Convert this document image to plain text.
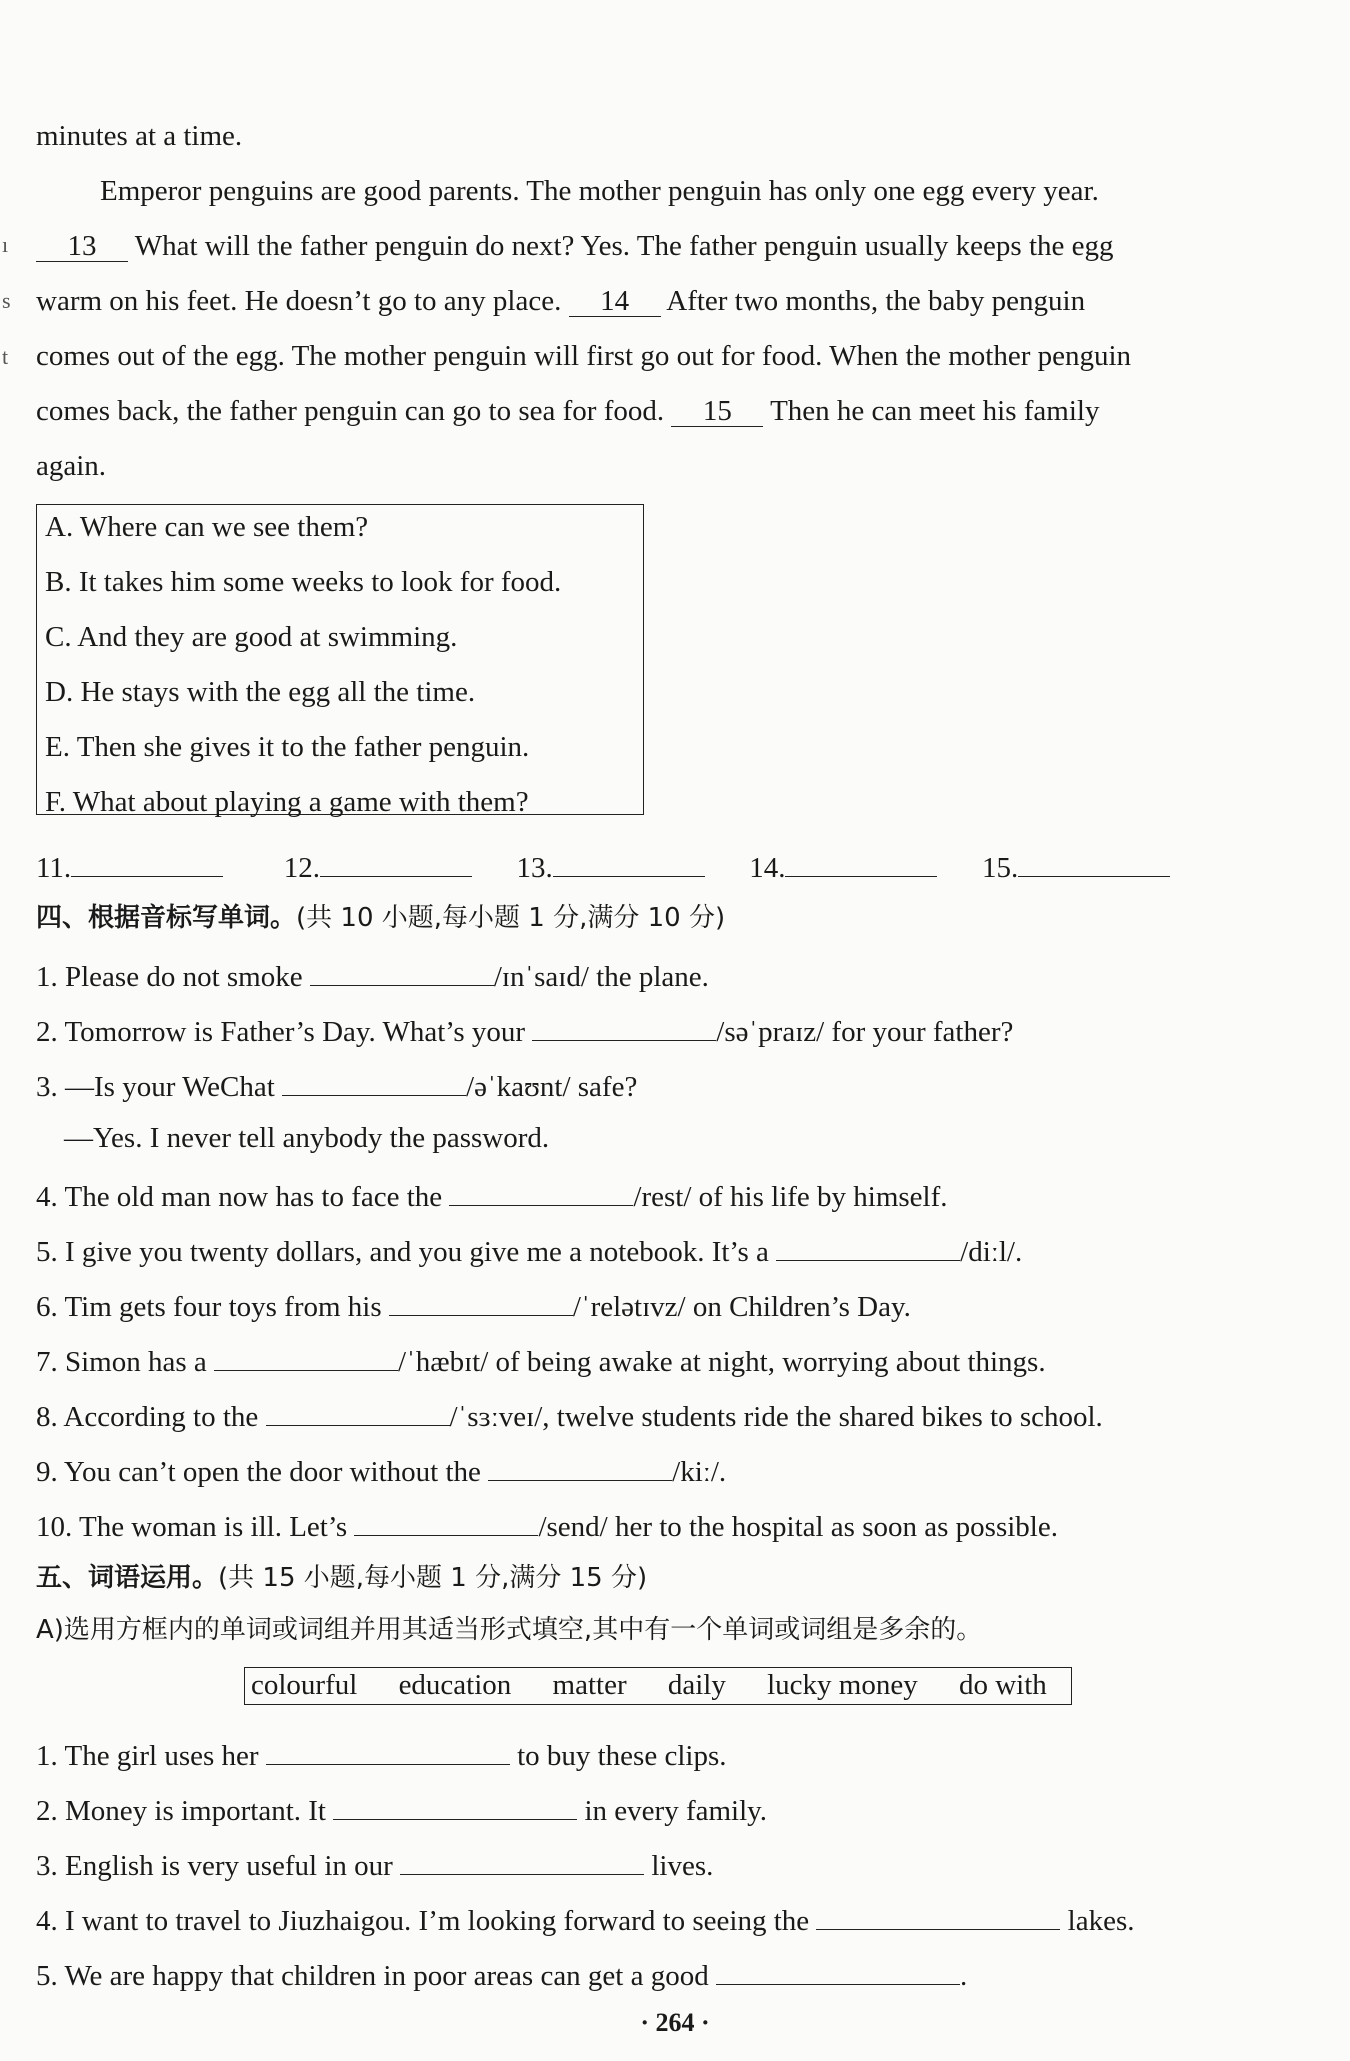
ı
s
t
minutes at a time.
Emperor penguins are good parents. The mother penguin has only one egg every year.
13 What will the father penguin do next? Yes. The father penguin usually keeps the egg
warm on his feet. He doesn’t go to any place. 14 After two months, the baby penguin
comes out of the egg. The mother penguin will first go out for food. When the mother penguin
comes back, the father penguin can go to sea for food. 15 Then he can meet his family
again.
A. Where can we see them?
B. It takes him some weeks to look for food.
C. And they are good at swimming.
D. He stays with the egg all the time.
E. Then she gives it to the father penguin.
F. What about playing a game with them?
11.	12.	13.	14.	15.
四、根据音标写单词。(共 10 小题,每小题 1 分,满分 10 分)
1. Please do not smoke	/ɪnˈsaɪd/ the plane.
2. Tomorrow is Father’s Day. What’s your	/səˈpraɪz/ for your father?
3. —Is your WeChat	/əˈkaʊnt/ safe?
—Yes. I never tell anybody the password.
4. The old man now has to face the	/rest/ of his life by himself.
5. I give you twenty dollars, and you give me a notebook. It’s a	/diːl/.
6. Tim gets four toys from his	/ˈrelətɪvz/ on Children’s Day.
7. Simon has a	/ˈhæbɪt/ of being awake at night, worrying about things.
8. According to the	/ˈsɜːveɪ/, twelve students ride the shared bikes to school.
9. You can’t open the door without the	/kiː/.
10. The woman is ill. Let’s	/send/ her to the hospital as soon as possible.
五、词语运用。(共 15 小题,每小题 1 分,满分 15 分)
A)选用方框内的单词或词组并用其适当形式填空,其中有一个单词或词组是多余的。
colourful education matter daily lucky money do with
1. The girl uses her	to buy these clips.
2. Money is important. It	in every family.
3. English is very useful in our	lives.
4. I want to travel to Jiuzhaigou. I’m looking forward to seeing the	lakes.
5. We are happy that children in poor areas can get a good	.
· 264 ·
